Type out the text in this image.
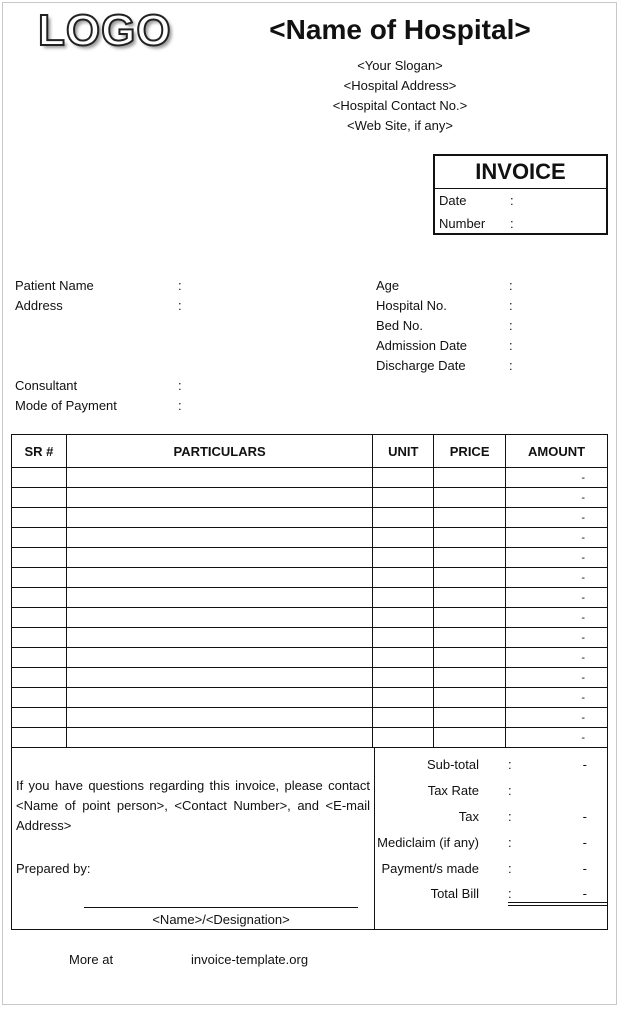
LOGO	<Name of Hospital>
<Your Slogan>
<Hospital Address>
<Hospital Contact No.>
<Web Site, if any>
INVOICE
Date	:
Number :
Patient Name	:
Address	:
Consultant	:
Mode of Payment	:
Age	:
Hospital No.	:
Bed No.	:
Admission Date	:
Discharge Date	:
SR #	PARTICULARS	UNIT	PRICE	AMOUNT
				-
				-
				-
				-
				-
				-
				-
				-
				-
				-
				-
				-
				-
				-
If you have questions regarding this invoice, please contact <Name of point person>, <Contact Number>, and <E-mail Address>
Prepared by:
<Name>/<Designation>
Sub-total :	-
Tax Rate :
Tax :	-
Mediclaim (if any) :	-
Payment/s made :	-
Total Bill :	-
More at	invoice-template.org
